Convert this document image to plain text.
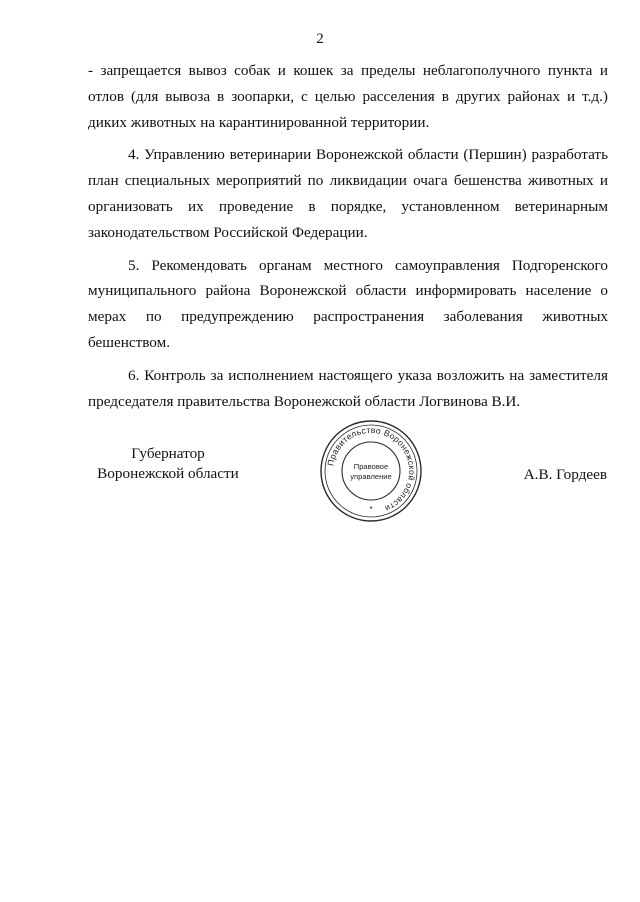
2

- запрещается вывоз собак и кошек за пределы неблагополучного пункта и отлов (для вывоза в зоопарки, с целью расселения в других районах и т.д.) диких животных на карантинированной территории.

4. Управлению ветеринарии Воронежской области (Першин) разработать план специальных мероприятий по ликвидации очага бешенства животных и организовать их проведение в порядке, установленном ветеринарным законодательством Российской Федерации.

5. Рекомендовать органам местного самоуправления Подгоренского муниципального района Воронежской области информировать население о мерах по предупреждению распространения заболевания животных бешенством.

6. Контроль за исполнением настоящего указа возложить на заместителя председателя правительства Воронежской области Логвинова В.И.

Губернатор
Воронежской области
Правительство Воронежской области
Правовое
управление
*
А.В. Гордеев
